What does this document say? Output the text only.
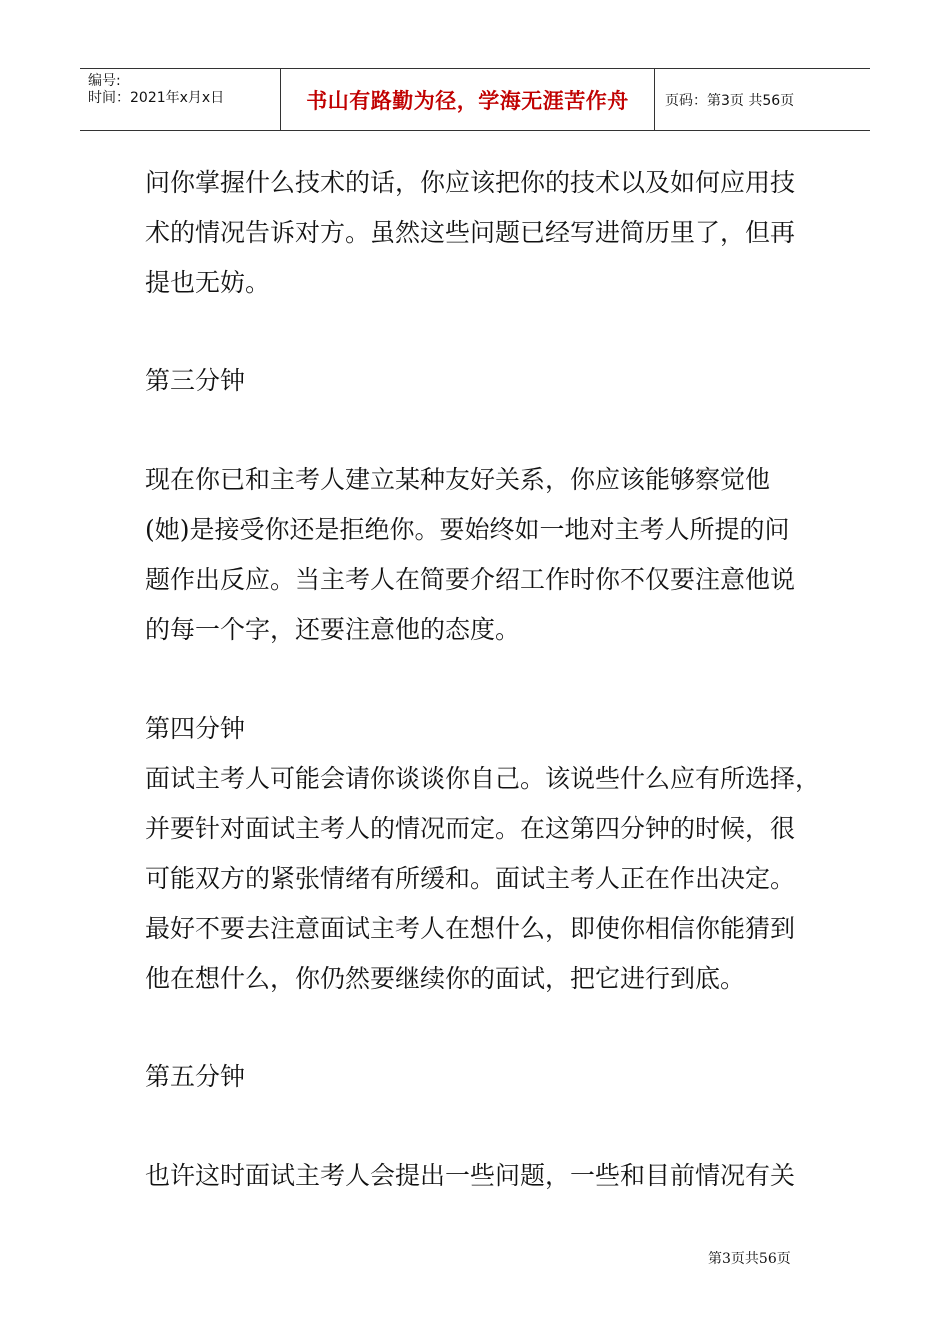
编号:
时间：2021年x月x日	书山有路勤为径，学海无涯苦作舟	页码：第3页 共56页
问你掌握什么技术的话，你应该把你的技术以及如何应用技
术的情况告诉对方。虽然这些问题已经写进简历里了，但再
提也无妨。
第三分钟
现在你已和主考人建立某种友好关系，你应该能够察觉他
(她)是接受你还是拒绝你。要始终如一地对主考人所提的问
题作出反应。当主考人在简要介绍工作时你不仅要注意他说
的每一个字，还要注意他的态度。
第四分钟
面试主考人可能会请你谈谈你自己。该说些什么应有所选择，
并要针对面试主考人的情况而定。在这第四分钟的时候，很
可能双方的紧张情绪有所缓和。面试主考人正在作出决定。
最好不要去注意面试主考人在想什么，即使你相信你能猜到
他在想什么，你仍然要继续你的面试，把它进行到底。
第五分钟
也许这时面试主考人会提出一些问题，一些和目前情况有关
第3页共56页
